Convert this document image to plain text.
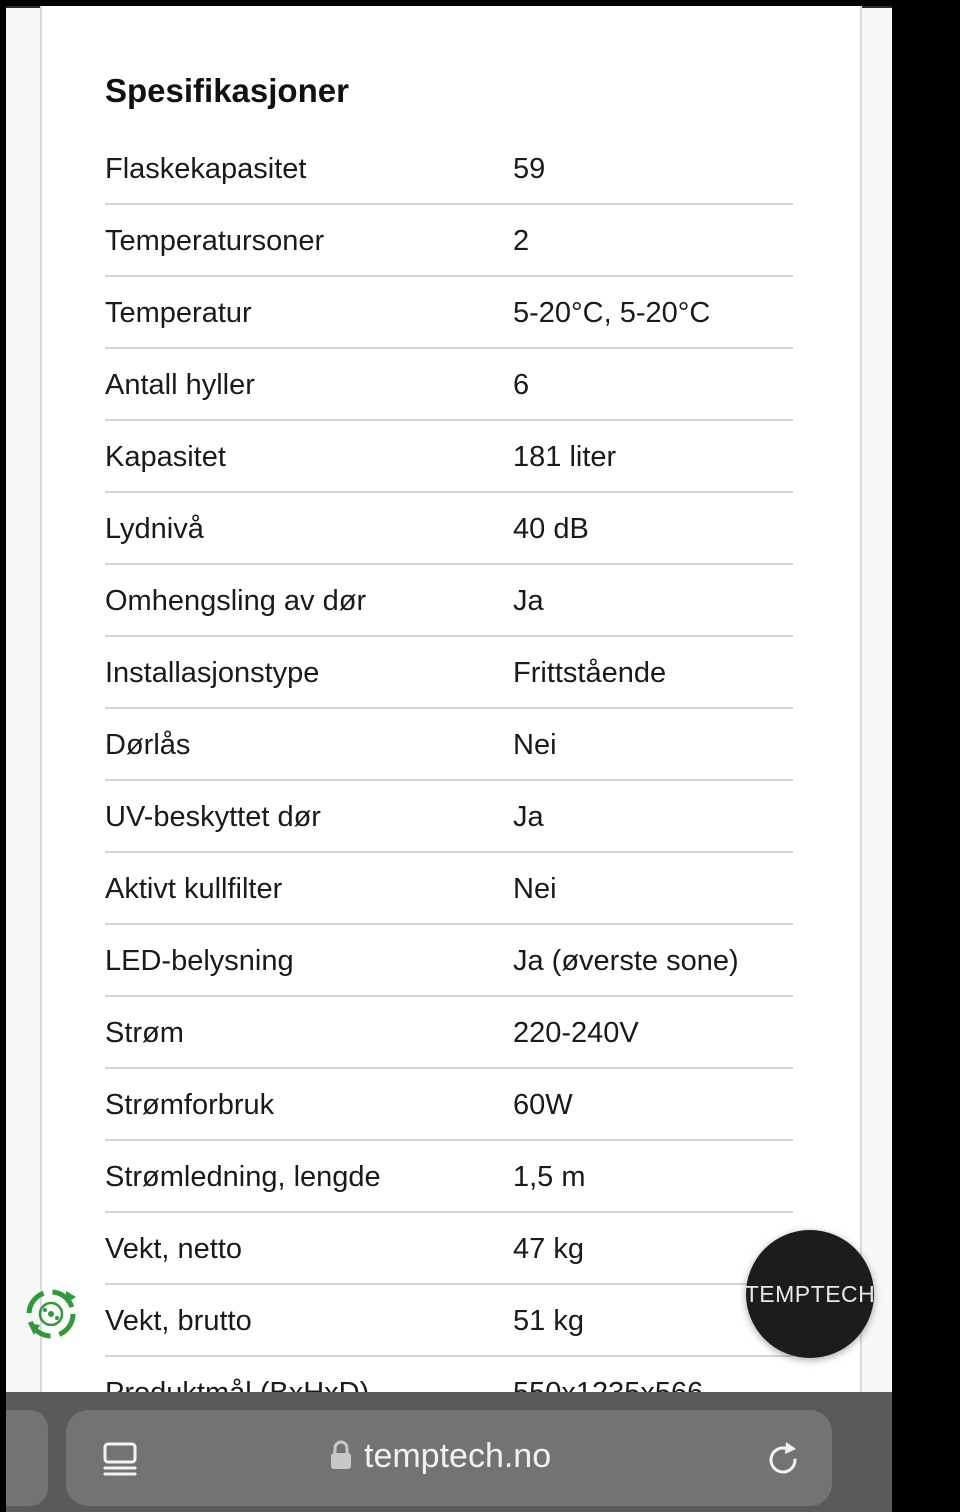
Spesifikasjoner
Flaskekapasitet	59
Temperatursoner	2
Temperatur	5-20°C, 5-20°C
Antall hyller	6
Kapasitet	181 liter
Lydnivå	40 dB
Omhengsling av dør	Ja
Installasjonstype	Frittstående
Dørlås	Nei
UV-beskyttet dør	Ja
Aktivt kullfilter	Nei
LED-belysning	Ja (øverste sone)
Strøm	220-240V
Strømforbruk	60W
Strømledning, lengde	1,5 m
Vekt, netto	47 kg
Vekt, brutto	51 kg
TEMPTECH
temptech.no
